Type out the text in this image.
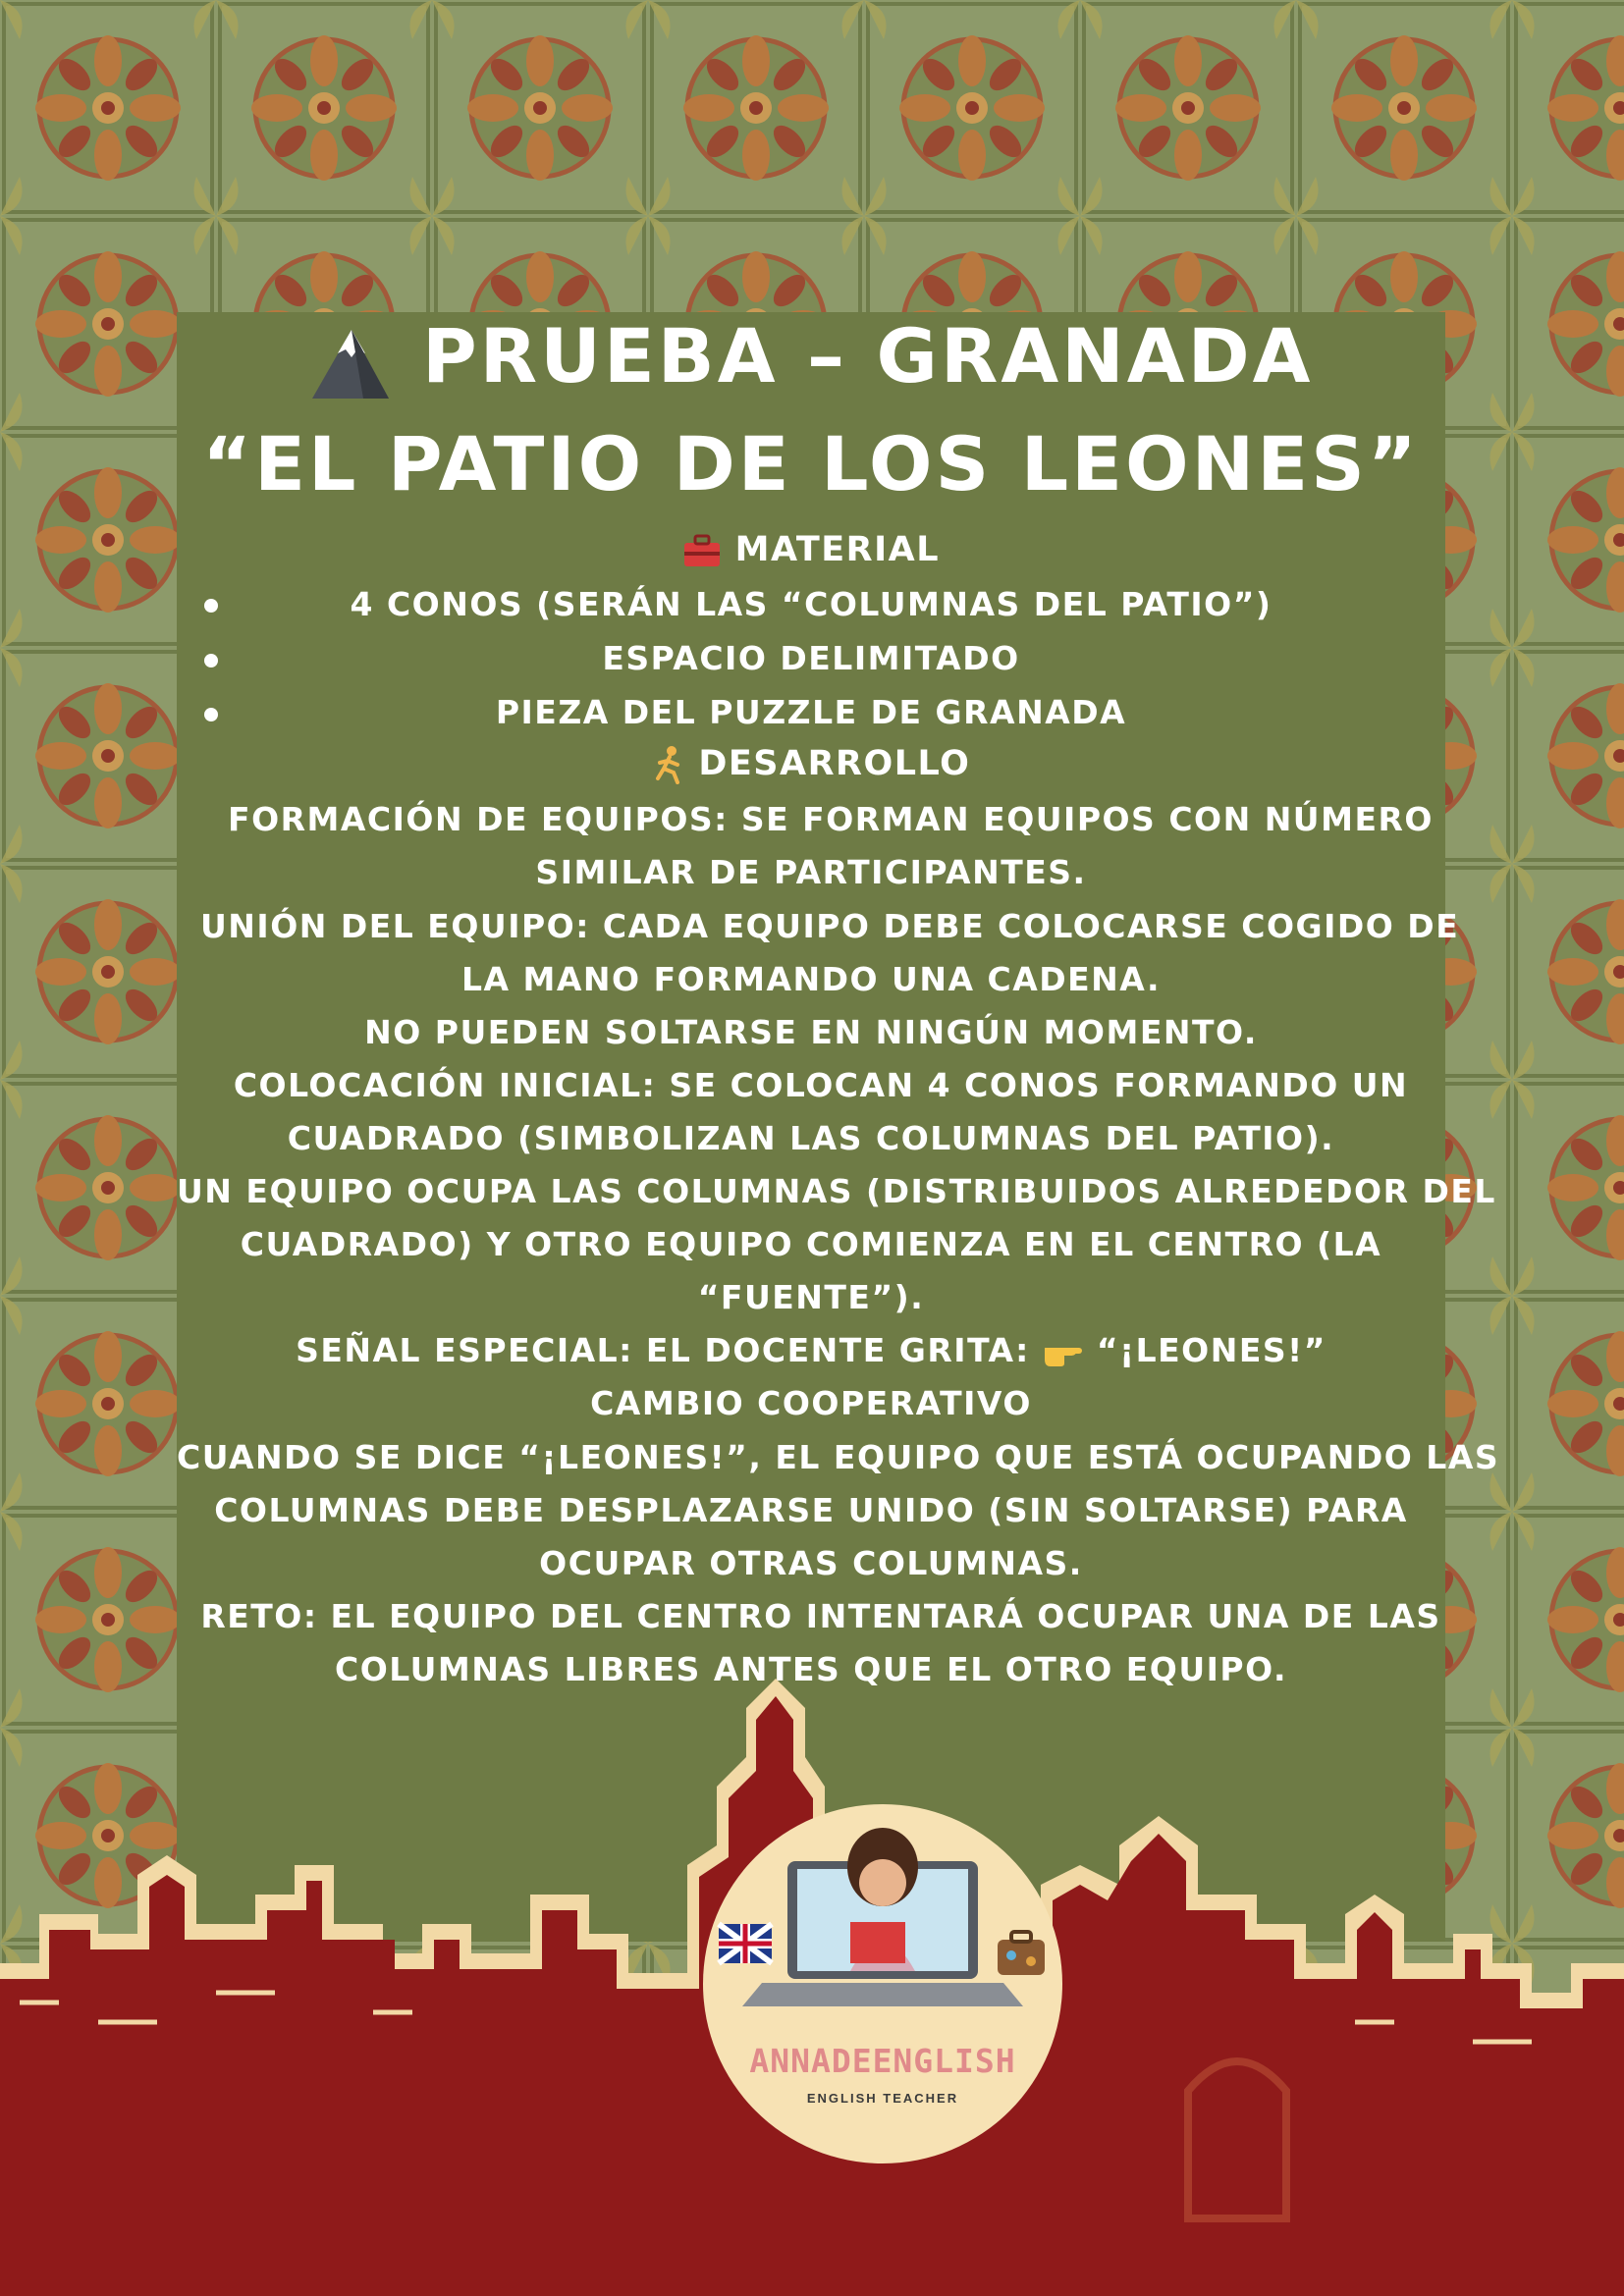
PRUEBA – GRANADA
“EL PATIO DE LOS LEONES”
MATERIAL
4 CONOS (SERÁN LAS “COLUMNAS DEL PATIO”)
ESPACIO DELIMITADO
PIEZA DEL PUZZLE DE GRANADA
DESARROLLO
FORMACIÓN DE EQUIPOS: SE FORMAN EQUIPOS CON NÚMERO
SIMILAR DE PARTICIPANTES.
UNIÓN DEL EQUIPO: CADA EQUIPO DEBE COLOCARSE COGIDO DE
LA MANO FORMANDO UNA CADENA.
NO PUEDEN SOLTARSE EN NINGÚN MOMENTO.
COLOCACIÓN INICIAL: SE COLOCAN 4 CONOS FORMANDO UN
CUADRADO (SIMBOLIZAN LAS COLUMNAS DEL PATIO).
UN EQUIPO OCUPA LAS COLUMNAS (DISTRIBUIDOS ALREDEDOR DEL
CUADRADO) Y OTRO EQUIPO COMIENZA EN EL CENTRO (LA
“FUENTE”).
SEÑAL ESPECIAL: EL DOCENTE GRITA: “¡LEONES!”
CAMBIO COOPERATIVO
CUANDO SE DICE “¡LEONES!”, EL EQUIPO QUE ESTÁ OCUPANDO LAS
COLUMNAS DEBE DESPLAZARSE UNIDO (SIN SOLTARSE) PARA
OCUPAR OTRAS COLUMNAS.
RETO: EL EQUIPO DEL CENTRO INTENTARÁ OCUPAR UNA DE LAS
COLUMNAS LIBRES ANTES QUE EL OTRO EQUIPO.
ANNADEENGLISH
ENGLISH TEACHER
